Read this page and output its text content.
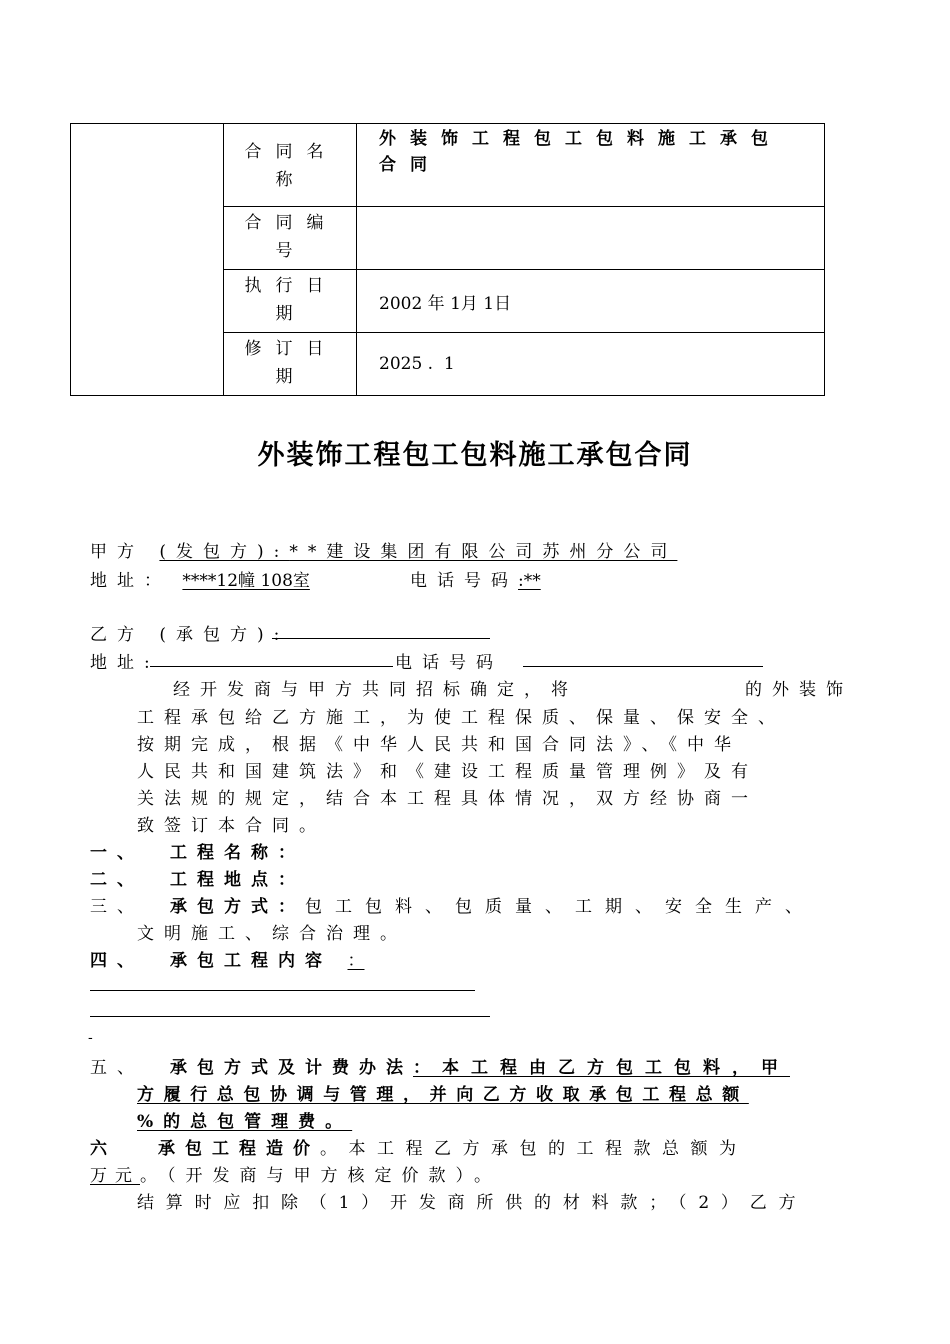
	合同名称	外装饰工程包工包料施工承包合同

	合同编号	
	执行日期	2002 年 1月 1日
	修订日期	2025 .  1
外装饰工程包工包料施工承包合同
甲方 (发包方):**建设集团有限公司苏州分公司
地址： ****12幢 108室	电话号码:**
乙方 (承包方):
地址:	电话号码
经开发商与甲方共同招标确定，将	的外装饰
工程承包给乙方施工，为使工程保质、保量、保安全、
按期完成，根据《中华人民共和国合同法》、《中华
人民共和国建筑法》和《建设工程质量管理例》及有
关法规的规定，结合本工程具体情况，双方经协商一
致签订本合同。
一、 工程名称：
二、 工程地点：
三、 承包方式：包工包料、包质量、工期、安全生产、
文明施工、综合治理。
四、 承包工程内容 ：
-
五、 承包方式及计费办法：本工程由乙方包工包料，甲
方履行总包协调与管理，并向乙方收取承包工程总额
%的总包管理费。
六	承包工程造价。本工程乙方承包的工程款总额为
万元。（开发商与甲方核定价款）。
结算时应扣除（1）开发商所供的材料款；（2）乙方
